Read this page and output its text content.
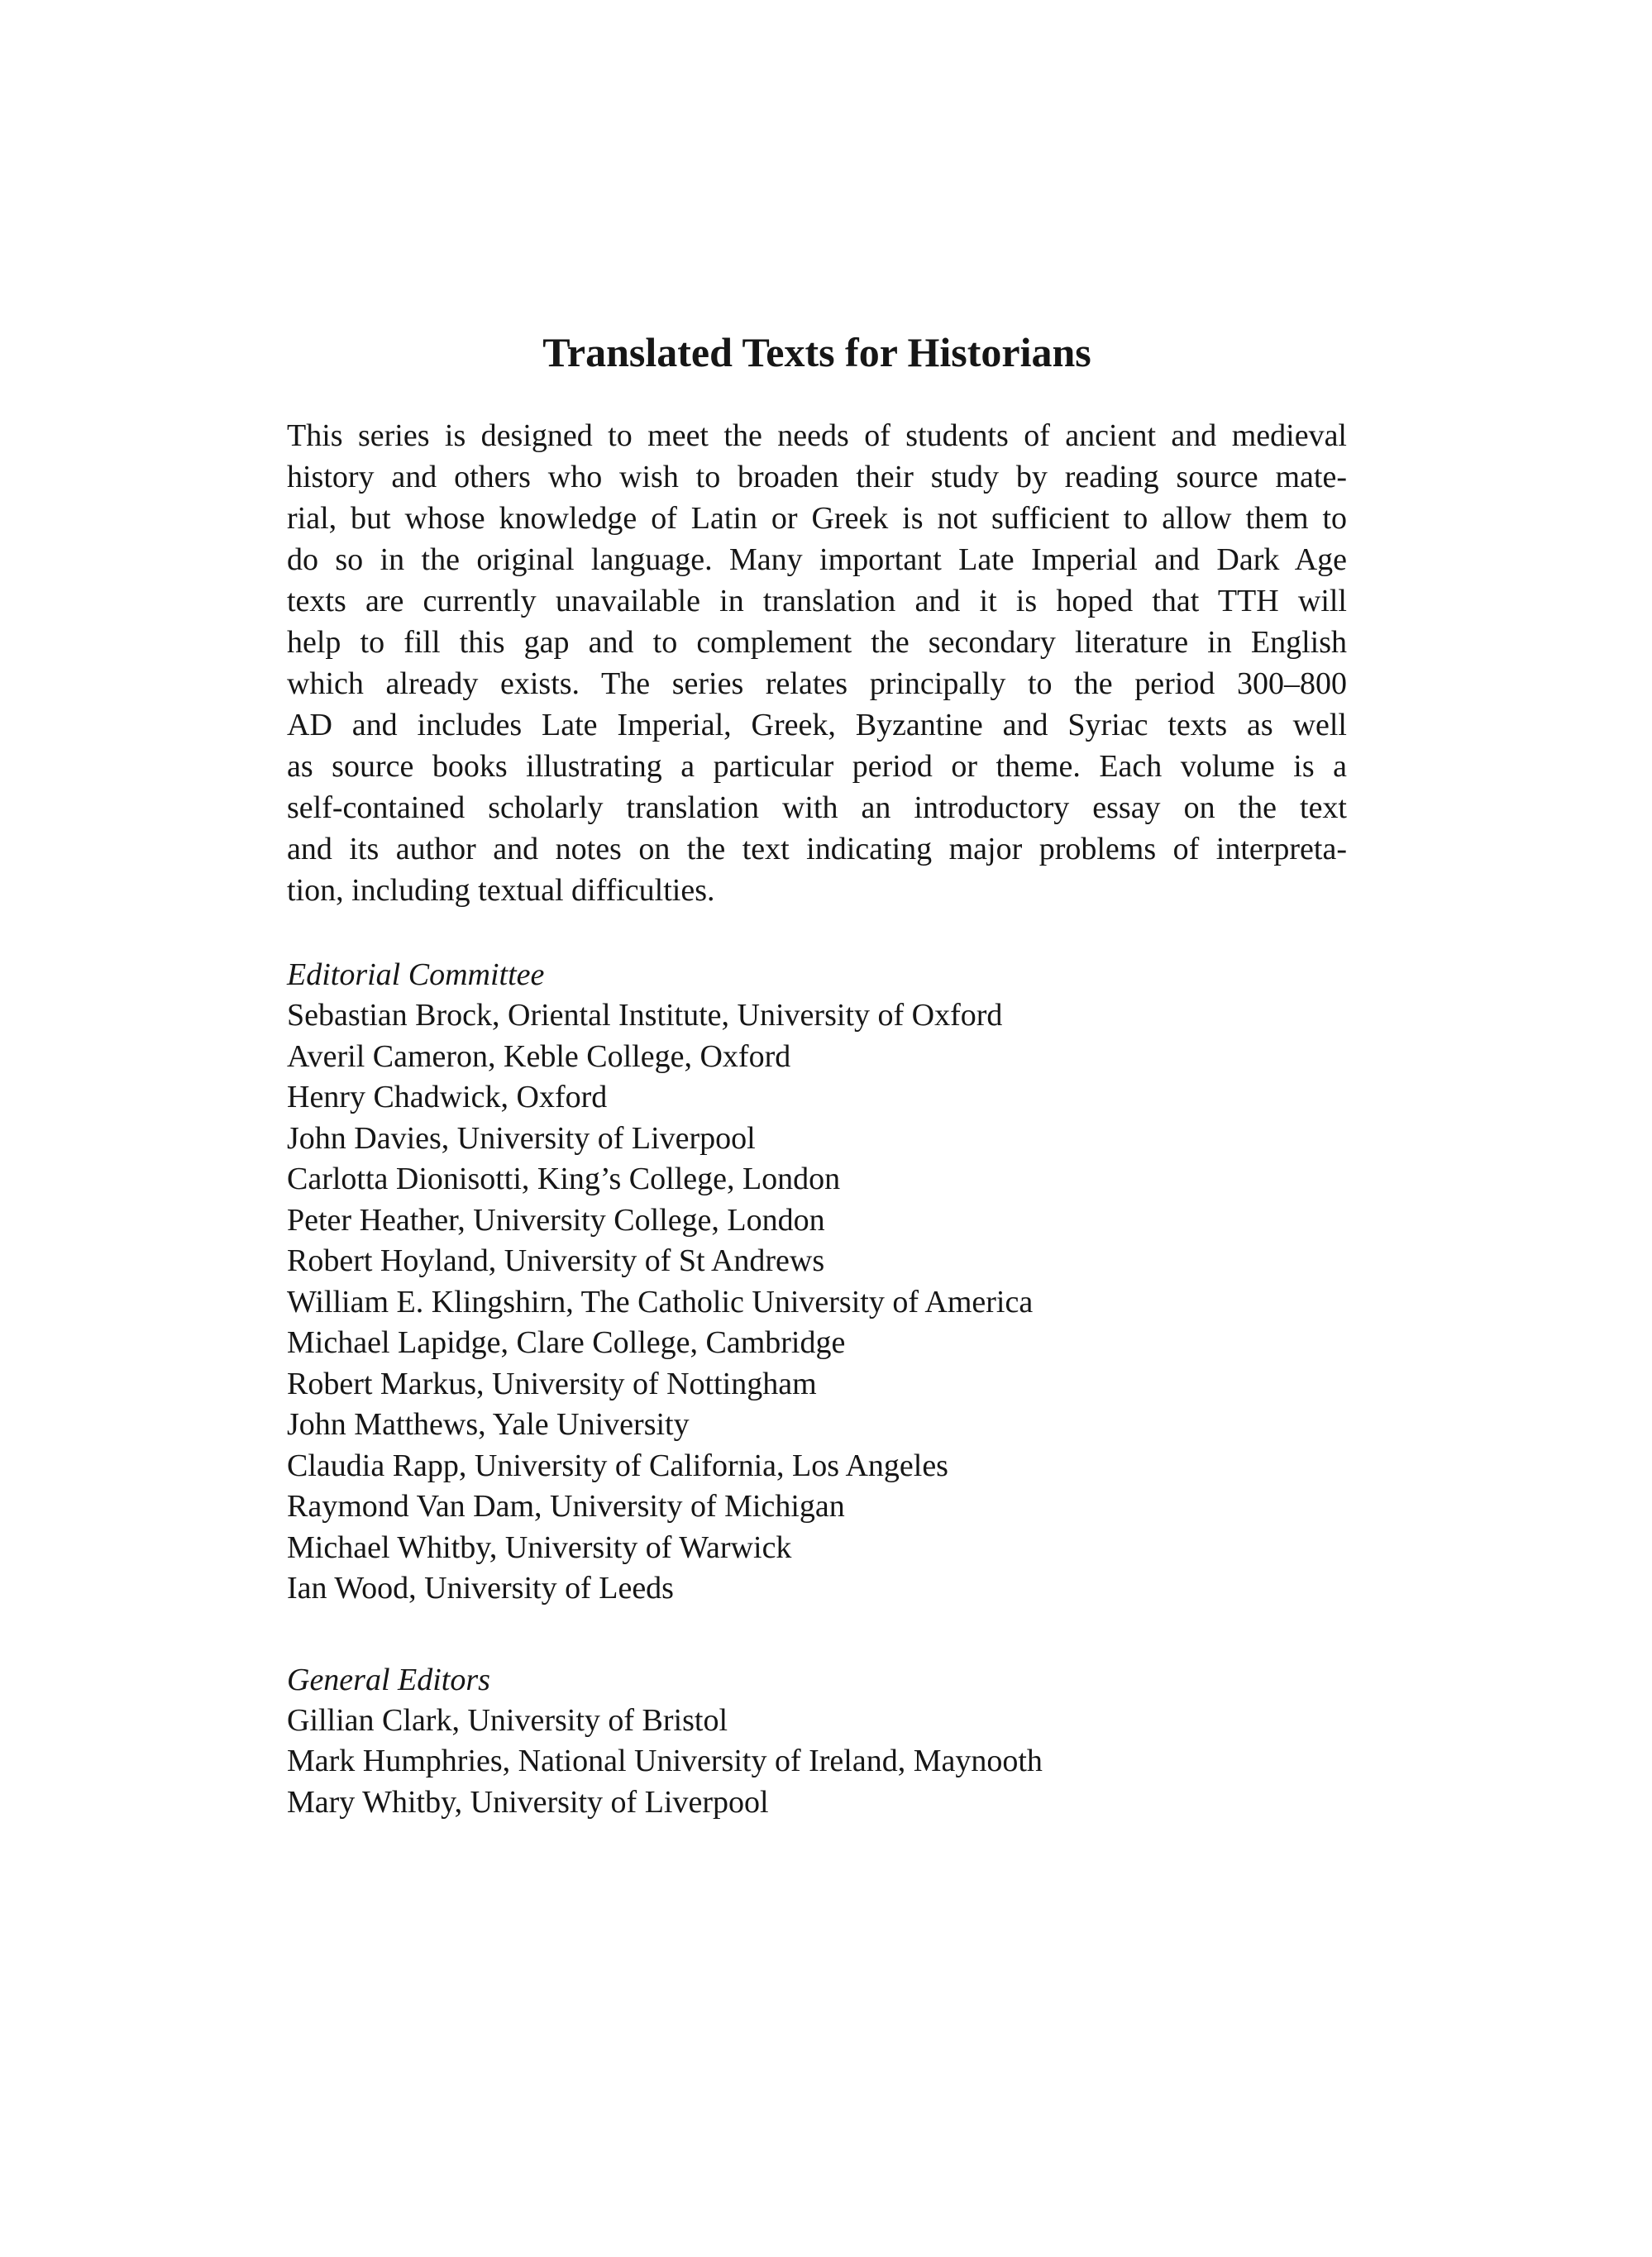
Translated Texts for Historians
This series is designed to meet the needs of students of ancient and medieval
history and others who wish to broaden their study by reading source mate-
rial, but whose knowledge of Latin or Greek is not sufficient to allow them to
do so in the original language. Many important Late Imperial and Dark Age
texts are currently unavailable in translation and it is hoped that TTH will
help to fill this gap and to complement the secondary literature in English
which already exists. The series relates principally to the period 300–800
AD and includes Late Imperial, Greek, Byzantine and Syriac texts as well
as source books illustrating a particular period or theme. Each volume is a
self-contained scholarly translation with an introductory essay on the text
and its author and notes on the text indicating major problems of interpreta-
tion, including textual difficulties.
Editorial Committee
Sebastian Brock, Oriental Institute, University of Oxford
Averil Cameron, Keble College, Oxford
Henry Chadwick, Oxford
John Davies, University of Liverpool
Carlotta Dionisotti, King’s College, London
Peter Heather, University College, London
Robert Hoyland, University of St Andrews
William E. Klingshirn, The Catholic University of America
Michael Lapidge, Clare College, Cambridge
Robert Markus, University of Nottingham
John Matthews, Yale University
Claudia Rapp, University of California, Los Angeles
Raymond Van Dam, University of Michigan
Michael Whitby, University of Warwick
Ian Wood, University of Leeds
General Editors
Gillian Clark, University of Bristol
Mark Humphries, National University of Ireland, Maynooth
Mary Whitby, University of Liverpool
